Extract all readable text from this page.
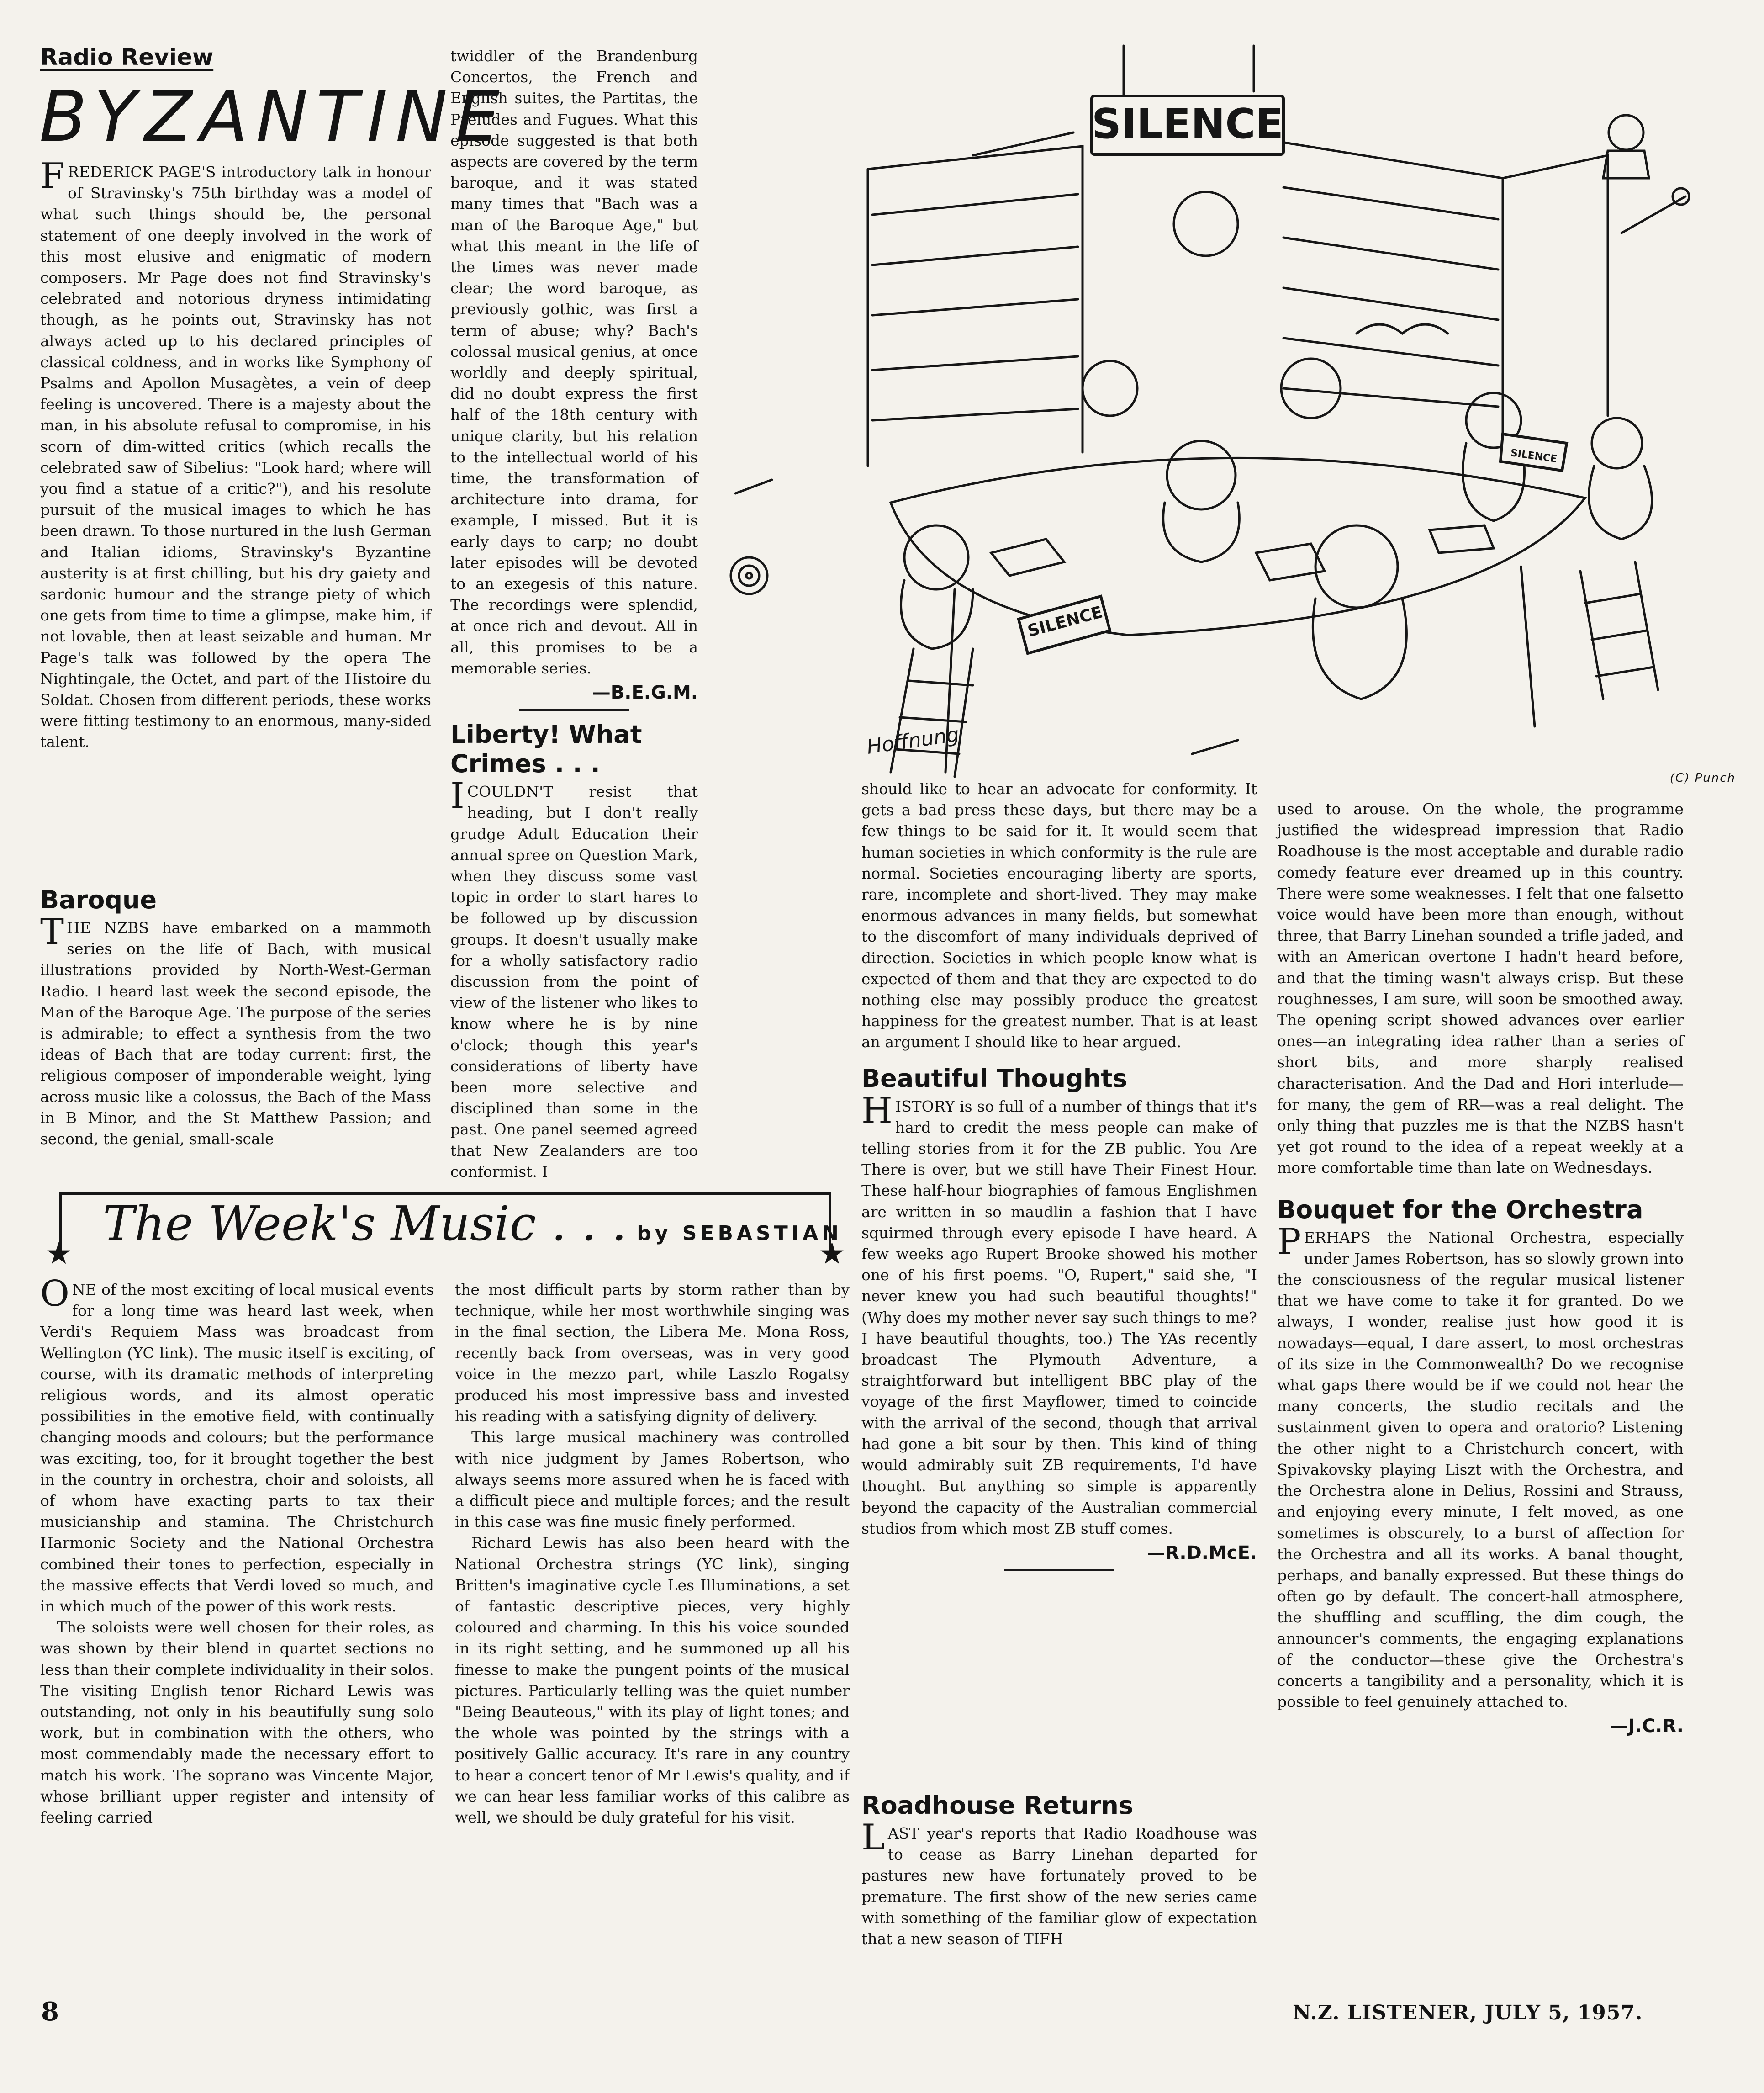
Radio Review
BYZANTINE

FREDERICK PAGE'S introductory talk in honour of Stravinsky's 75th birthday was a model of what such things should be, the personal statement of one deeply involved in the work of this most elusive and enigmatic of modern composers. Mr Page does not find Stravinsky's celebrated and notorious dryness intimidating though, as he points out, Stravinsky has not always acted up to his declared principles of classical coldness, and in works like Symphony of Psalms and Apollon Musagètes, a vein of deep feeling is uncovered. There is a majesty about the man, in his absolute refusal to compromise, in his scorn of dim-witted critics (which recalls the celebrated saw of Sibelius: "Look hard; where will you find a statue of a critic?"), and his resolute pursuit of the musical images to which he has been drawn. To those nurtured in the lush German and Italian idioms, Stravinsky's Byzantine austerity is at first chilling, but his dry gaiety and sardonic humour and the strange piety of which one gets from time to time a glimpse, make him, if not lovable, then at least seizable and human. Mr Page's talk was followed by the opera The Nightingale, the Octet, and part of the Histoire du Soldat. Chosen from different periods, these works were fitting testimony to an enormous, many-sided talent.

Baroque

THE NZBS have embarked on a mammoth series on the life of Bach, with musical illustrations provided by North-West-German Radio. I heard last week the second episode, the Man of the Baroque Age. The purpose of the series is admirable; to effect a synthesis from the two ideas of Bach that are today current: first, the religious composer of imponderable weight, lying across music like a colossus, the Bach of the Mass in B Minor, and the St Matthew Passion; and second, the genial, small-scale

twiddler of the Brandenburg Concertos, the French and English suites, the Partitas, the Preludes and Fugues. What this episode suggested is that both aspects are covered by the term baroque, and it was stated many times that "Bach was a man of the Baroque Age," but what this meant in the life of the times was never made clear; the word baroque, as previously gothic, was first a term of abuse; why? Bach's colossal musical genius, at once worldly and deeply spiritual, did no doubt express the first half of the 18th century with unique clarity, but his relation to the intellectual world of his time, the transformation of architecture into drama, for example, I missed. But it is early days to carp; no doubt later episodes will be devoted to an exegesis of this nature. The recordings were splendid, at once rich and devout. All in all, this promises to be a memorable series.

—B.E.G.M.
Liberty! What Crimes . . .

ICOULDN'T resist that heading, but I don't really grudge Adult Education their annual spree on Question Mark, when they discuss some vast topic in order to start hares to be followed up by discussion groups. It doesn't usually make for a wholly satisfactory radio discussion from the point of view of the listener who likes to know where he is by nine o'clock; though this year's considerations of liberty have been more selective and disciplined than some in the past. One panel seemed agreed that New Zealanders are too conformist. I

SILENCE
SILENCE
SILENCE
Hoffnung
(C) Punch

should like to hear an advocate for conformity. It gets a bad press these days, but there may be a few things to be said for it. It would seem that human societies in which conformity is the rule are normal. Societies encouraging liberty are sports, rare, incomplete and short-lived. They may make enormous advances in many fields, but somewhat to the discomfort of many individuals deprived of direction. Societies in which people know what is expected of them and that they are expected to do nothing else may possibly produce the greatest happiness for the greatest number. That is at least an argument I should like to hear argued.

Beautiful Thoughts

HISTORY is so full of a number of things that it's hard to credit the mess people can make of telling stories from it for the ZB public. You Are There is over, but we still have Their Finest Hour. These half-hour biographies of famous Englishmen are written in so maudlin a fashion that I have squirmed through every episode I have heard. A few weeks ago Rupert Brooke showed his mother one of his first poems. "O, Rupert," said she, "I never knew you had such beautiful thoughts!" (Why does my mother never say such things to me? I have beautiful thoughts, too.) The YAs recently broadcast The Plymouth Adventure, a straightforward but intelligent BBC play of the voyage of the first Mayflower, timed to coincide with the arrival of the second, though that arrival had gone a bit sour by then. This kind of thing would admirably suit ZB requirements, I'd have thought. But anything so simple is apparently beyond the capacity of the Australian commercial studios from which most ZB stuff comes.

—R.D.McE.
Roadhouse Returns

LAST year's reports that Radio Roadhouse was to cease as Barry Linehan departed for pastures new have fortunately proved to be premature. The first show of the new series came with something of the familiar glow of expectation that a new season of TIFH

used to arouse. On the whole, the programme justified the widespread impression that Radio Roadhouse is the most acceptable and durable radio comedy feature ever dreamed up in this country. There were some weaknesses. I felt that one falsetto voice would have been more than enough, without three, that Barry Linehan sounded a trifle jaded, and with an American overtone I hadn't heard before, and that the timing wasn't always crisp. But these roughnesses, I am sure, will soon be smoothed away. The opening script showed advances over earlier ones—an integrating idea rather than a series of short bits, and more sharply realised characterisation. And the Dad and Hori interlude—for many, the gem of RR—was a real delight. The only thing that puzzles me is that the NZBS hasn't yet got round to the idea of a repeat weekly at a more comfortable time than late on Wednesdays.

Bouquet for the Orchestra

PERHAPS the National Orchestra, especially under James Robertson, has so slowly grown into the consciousness of the regular musical listener that we have come to take it for granted. Do we always, I wonder, realise just how good it is nowadays—equal, I dare assert, to most orchestras of its size in the Commonwealth? Do we recognise what gaps there would be if we could not hear the many concerts, the studio recitals and the sustainment given to opera and oratorio? Listening the other night to a Christchurch concert, with Spivakovsky playing Liszt with the Orchestra, and the Orchestra alone in Delius, Rossini and Strauss, and enjoying every minute, I felt moved, as one sometimes is obscurely, to a burst of affection for the Orchestra and all its works. A banal thought, perhaps, and banally expressed. But these things do often go by default. The concert-hall atmosphere, the shuffling and scuffling, the dim cough, the announcer's comments, the engaging explanations of the conductor—these give the Orchestra's concerts a tangibility and a personality, which it is possible to feel genuinely attached to.

—J.C.R.
The Week's Music . . . by SEBASTIAN
★	★

ONE of the most exciting of local musical events for a long time was heard last week, when Verdi's Requiem Mass was broadcast from Wellington (YC link). The music itself is exciting, of course, with its dramatic methods of interpreting religious words, and its almost operatic possibilities in the emotive field, with continually changing moods and colours; but the performance was exciting, too, for it brought together the best in the country in orchestra, choir and soloists, all of whom have exacting parts to tax their musicianship and stamina. The Christchurch Harmonic Society and the National Orchestra combined their tones to perfection, especially in the massive effects that Verdi loved so much, and in which much of the power of this work rests.

The soloists were well chosen for their roles, as was shown by their blend in quartet sections no less than their complete individuality in their solos. The visiting English tenor Richard Lewis was outstanding, not only in his beautifully sung solo work, but in combination with the others, who most commendably made the necessary effort to match his work. The soprano was Vincente Major, whose brilliant upper register and intensity of feeling carried

the most difficult parts by storm rather than by technique, while her most worthwhile singing was in the final section, the Libera Me. Mona Ross, recently back from overseas, was in very good voice in the mezzo part, while Laszlo Rogatsy produced his most impressive bass and invested his reading with a satisfying dignity of delivery.

This large musical machinery was controlled with nice judgment by James Robertson, who always seems more assured when he is faced with a difficult piece and multiple forces; and the result in this case was fine music finely performed.

Richard Lewis has also been heard with the National Orchestra strings (YC link), singing Britten's imaginative cycle Les Illuminations, a set of fantastic descriptive pieces, very highly coloured and charming. In this his voice sounded in its right setting, and he summoned up all his finesse to make the pungent points of the musical pictures. Particularly telling was the quiet number "Being Beauteous," with its play of light tones; and the whole was pointed by the strings with a positively Gallic accuracy. It's rare in any country to hear a concert tenor of Mr Lewis's quality, and if we can hear less familiar works of this calibre as well, we should be duly grateful for his visit.

8	N.Z. LISTENER, JULY 5, 1957.
